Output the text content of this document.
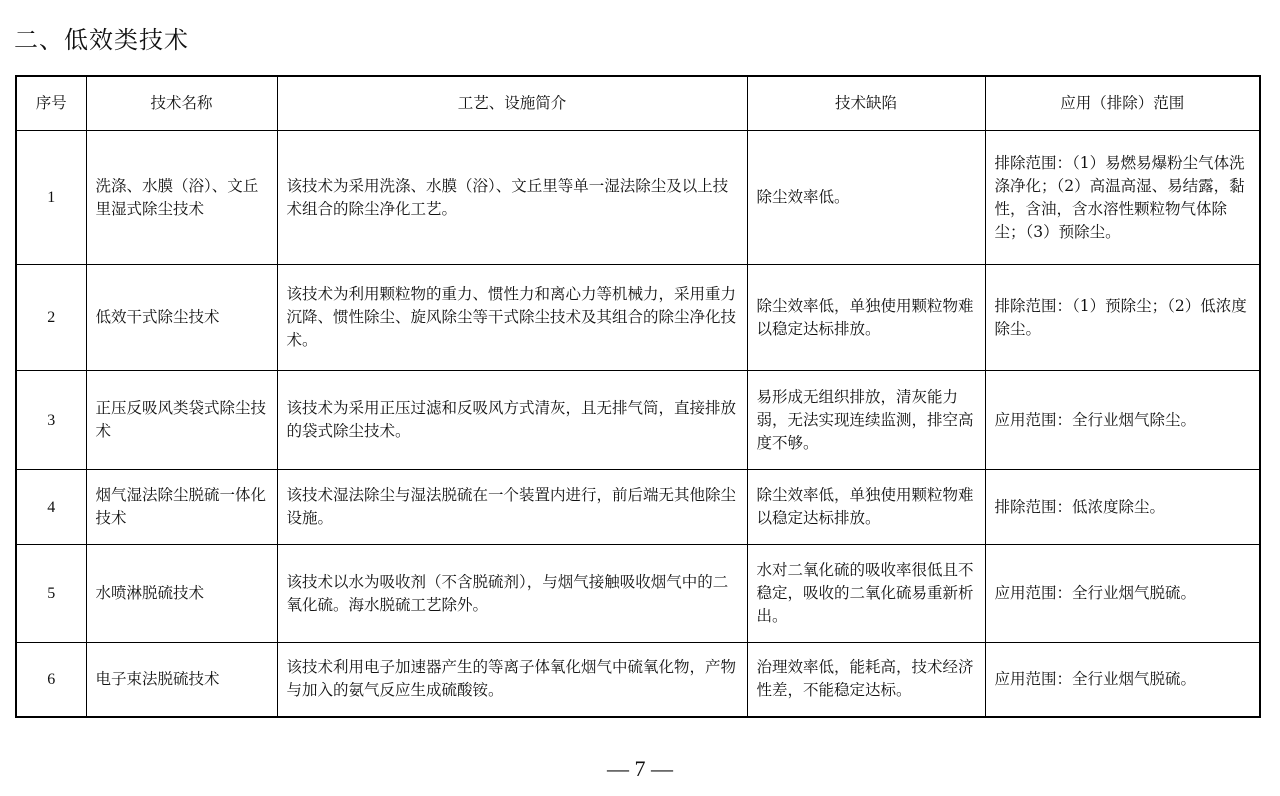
二、低效类技术
序号	技术名称	工艺、设施简介	技术缺陷	应用（排除）范围
1	洗涤、水膜（浴）、文丘里湿式除尘技术	该技术为采用洗涤、水膜（浴）、文丘里等单一湿法除尘及以上技术组合的除尘净化工艺。	除尘效率低。	排除范围：（1）易燃易爆粉尘气体洗涤净化；（2）高温高湿、易结露，黏性，含油，含水溶性颗粒物气体除尘；（3）预除尘。
2	低效干式除尘技术	该技术为利用颗粒物的重力、惯性力和离心力等机械力，采用重力沉降、惯性除尘、旋风除尘等干式除尘技术及其组合的除尘净化技术。	除尘效率低，单独使用颗粒物难以稳定达标排放。	排除范围：（1）预除尘；（2）低浓度除尘。
3	正压反吸风类袋式除尘技术	该技术为采用正压过滤和反吸风方式清灰，且无排气筒，直接排放的袋式除尘技术。	易形成无组织排放，清灰能力弱，无法实现连续监测，排空高度不够。	应用范围：全行业烟气除尘。
4	烟气湿法除尘脱硫一体化技术	该技术湿法除尘与湿法脱硫在一个装置内进行，前后端无其他除尘设施。	除尘效率低，单独使用颗粒物难以稳定达标排放。	排除范围：低浓度除尘。
5	水喷淋脱硫技术	该技术以水为吸收剂（不含脱硫剂），与烟气接触吸收烟气中的二氧化硫。海水脱硫工艺除外。	水对二氧化硫的吸收率很低且不稳定，吸收的二氧化硫易重新析出。	应用范围：全行业烟气脱硫。
6	电子束法脱硫技术	该技术利用电子加速器产生的等离子体氧化烟气中硫氧化物，产物与加入的氨气反应生成硫酸铵。	治理效率低，能耗高，技术经济性差，不能稳定达标。	应用范围：全行业烟气脱硫。
— 7 —
